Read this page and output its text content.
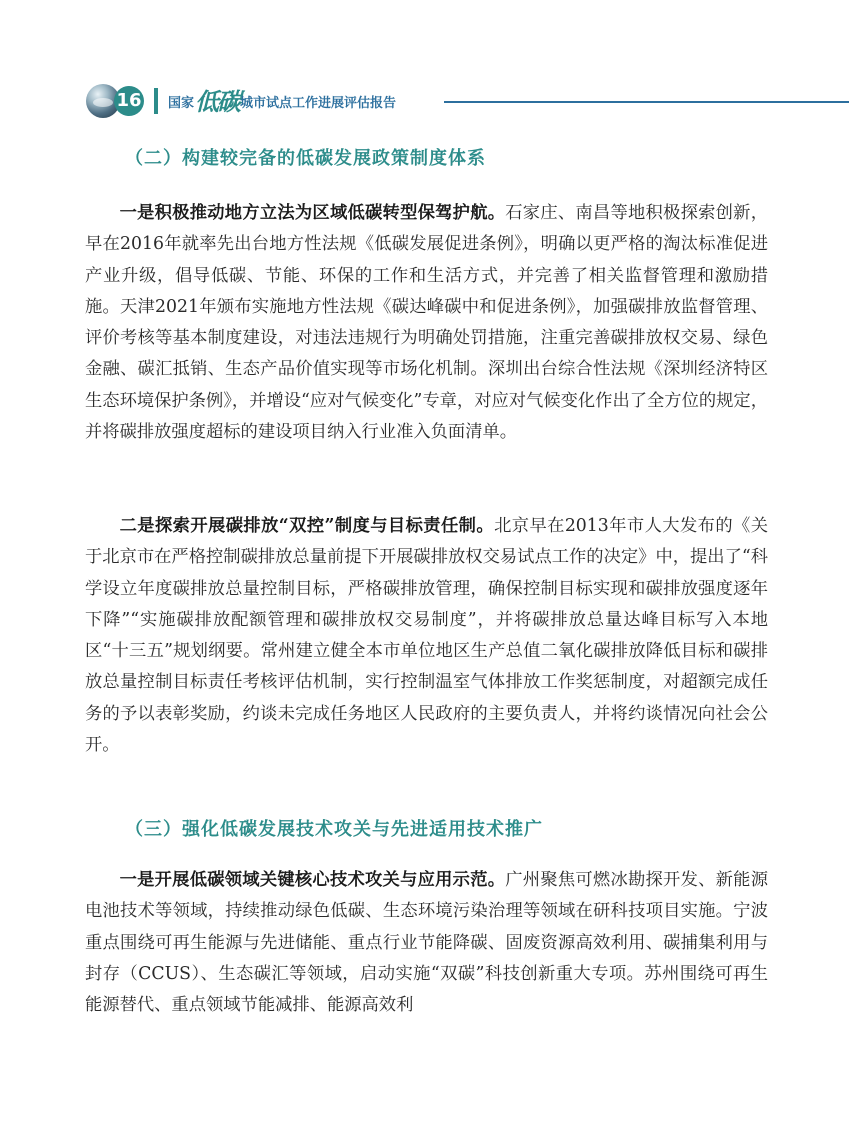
16 国家低碳城市试点工作进展评估报告
（二）构建较完备的低碳发展政策制度体系

一是积极推动地方立法为区域低碳转型保驾护航。石家庄、南昌等地积极探索创新，早在2016年就率先出台地方性法规《低碳发展促进条例》，明确以更严格的淘汰标准促进产业升级，倡导低碳、节能、环保的工作和生活方式，并完善了相关监督管理和激励措施。天津2021年颁布实施地方性法规《碳达峰碳中和促进条例》，加强碳排放监督管理、评价考核等基本制度建设，对违法违规行为明确处罚措施，注重完善碳排放权交易、绿色金融、碳汇抵销、生态产品价值实现等市场化机制。深圳出台综合性法规《深圳经济特区生态环境保护条例》，并增设“应对气候变化”专章，对应对气候变化作出了全方位的规定，并将碳排放强度超标的建设项目纳入行业准入负面清单。

二是探索开展碳排放“双控”制度与目标责任制。北京早在2013年市人大发布的《关于北京市在严格控制碳排放总量前提下开展碳排放权交易试点工作的决定》中，提出了“科学设立年度碳排放总量控制目标，严格碳排放管理，确保控制目标实现和碳排放强度逐年下降”“实施碳排放配额管理和碳排放权交易制度”，并将碳排放总量达峰目标写入本地区“十三五”规划纲要。常州建立健全本市单位地区生产总值二氧化碳排放降低目标和碳排放总量控制目标责任考核评估机制，实行控制温室气体排放工作奖惩制度，对超额完成任务的予以表彰奖励，约谈未完成任务地区人民政府的主要负责人，并将约谈情况向社会公开。

（三）强化低碳发展技术攻关与先进适用技术推广

一是开展低碳领域关键核心技术攻关与应用示范。广州聚焦可燃冰勘探开发、新能源电池技术等领域，持续推动绿色低碳、生态环境污染治理等领域在研科技项目实施。宁波重点围绕可再生能源与先进储能、重点行业节能降碳、固废资源高效利用、碳捕集利用与封存（CCUS）、生态碳汇等领域，启动实施“双碳”科技创新重大专项。苏州围绕可再生能源替代、重点领域节能减排、能源高效利
